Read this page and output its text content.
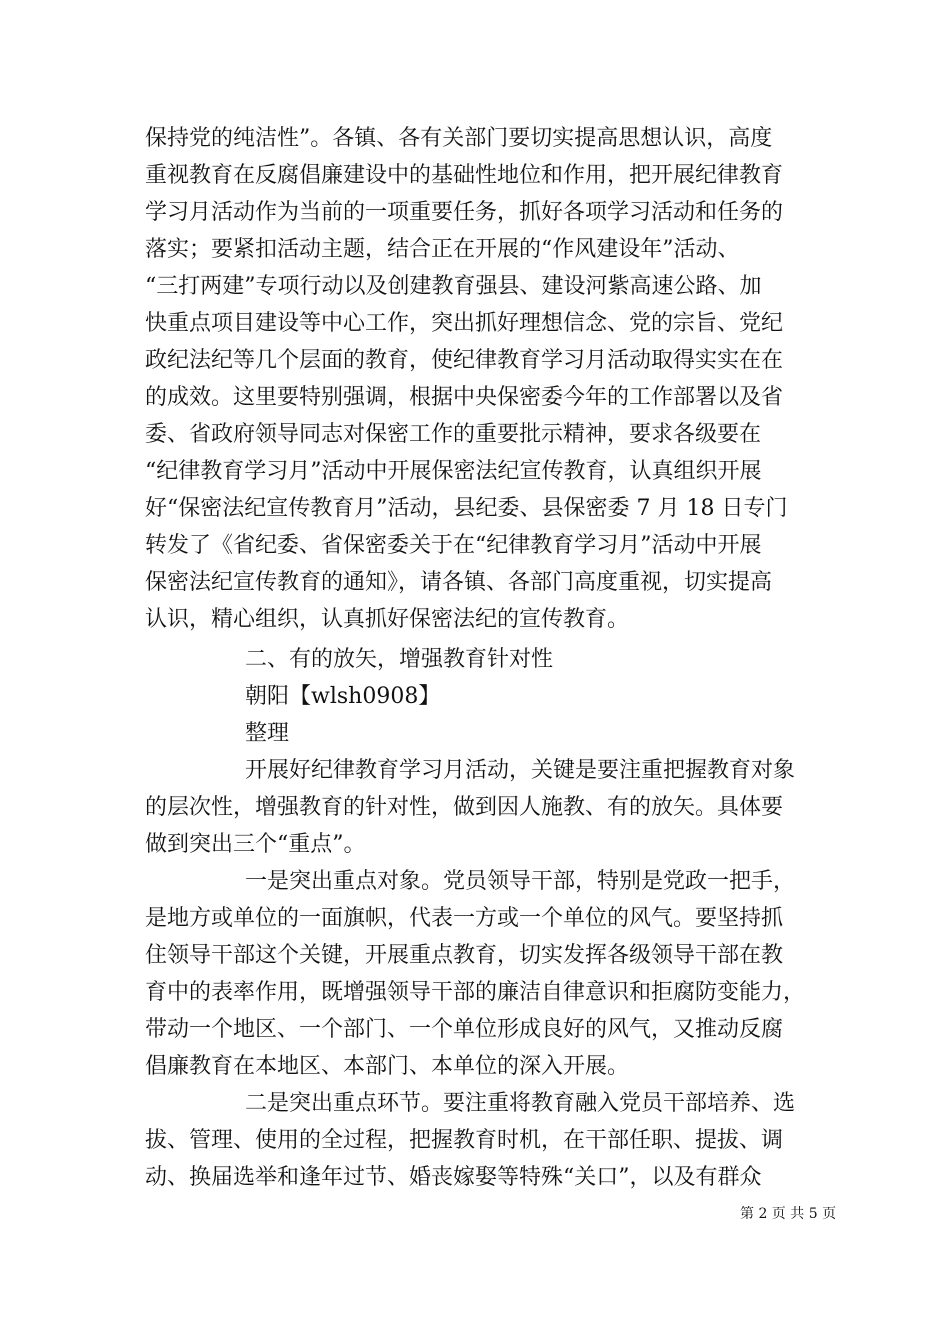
保持党的纯洁性”。各镇、各有关部门要切实提高思想认识，高度
重视教育在反腐倡廉建设中的基础性地位和作用，把开展纪律教育
学习月活动作为当前的一项重要任务，抓好各项学习活动和任务的
落实；要紧扣活动主题，结合正在开展的“作风建设年”活动、
“三打两建”专项行动以及创建教育强县、建设河紫高速公路、加
快重点项目建设等中心工作，突出抓好理想信念、党的宗旨、党纪
政纪法纪等几个层面的教育，使纪律教育学习月活动取得实实在在
的成效。这里要特别强调，根据中央保密委今年的工作部署以及省
委、省政府领导同志对保密工作的重要批示精神，要求各级要在
“纪律教育学习月”活动中开展保密法纪宣传教育，认真组织开展
好“保密法纪宣传教育月”活动，县纪委、县保密委 7 月 18 日专门
转发了《省纪委、省保密委关于在“纪律教育学习月”活动中开展
保密法纪宣传教育的通知》，请各镇、各部门高度重视，切实提高
认识，精心组织，认真抓好保密法纪的宣传教育。
二、有的放矢，增强教育针对性
朝阳【wlsh0908】
整理
开展好纪律教育学习月活动，关键是要注重把握教育对象
的层次性，增强教育的针对性，做到因人施教、有的放矢。具体要
做到突出三个“重点”。
一是突出重点对象。党员领导干部，特别是党政一把手，
是地方或单位的一面旗帜，代表一方或一个单位的风气。要坚持抓
住领导干部这个关键，开展重点教育，切实发挥各级领导干部在教
育中的表率作用，既增强领导干部的廉洁自律意识和拒腐防变能力，
带动一个地区、一个部门、一个单位形成良好的风气，又推动反腐
倡廉教育在本地区、本部门、本单位的深入开展。
二是突出重点环节。要注重将教育融入党员干部培养、选
拔、管理、使用的全过程，把握教育时机，在干部任职、提拔、调
动、换届选举和逢年过节、婚丧嫁娶等特殊“关口”，以及有群众
第 2 页 共 5 页
